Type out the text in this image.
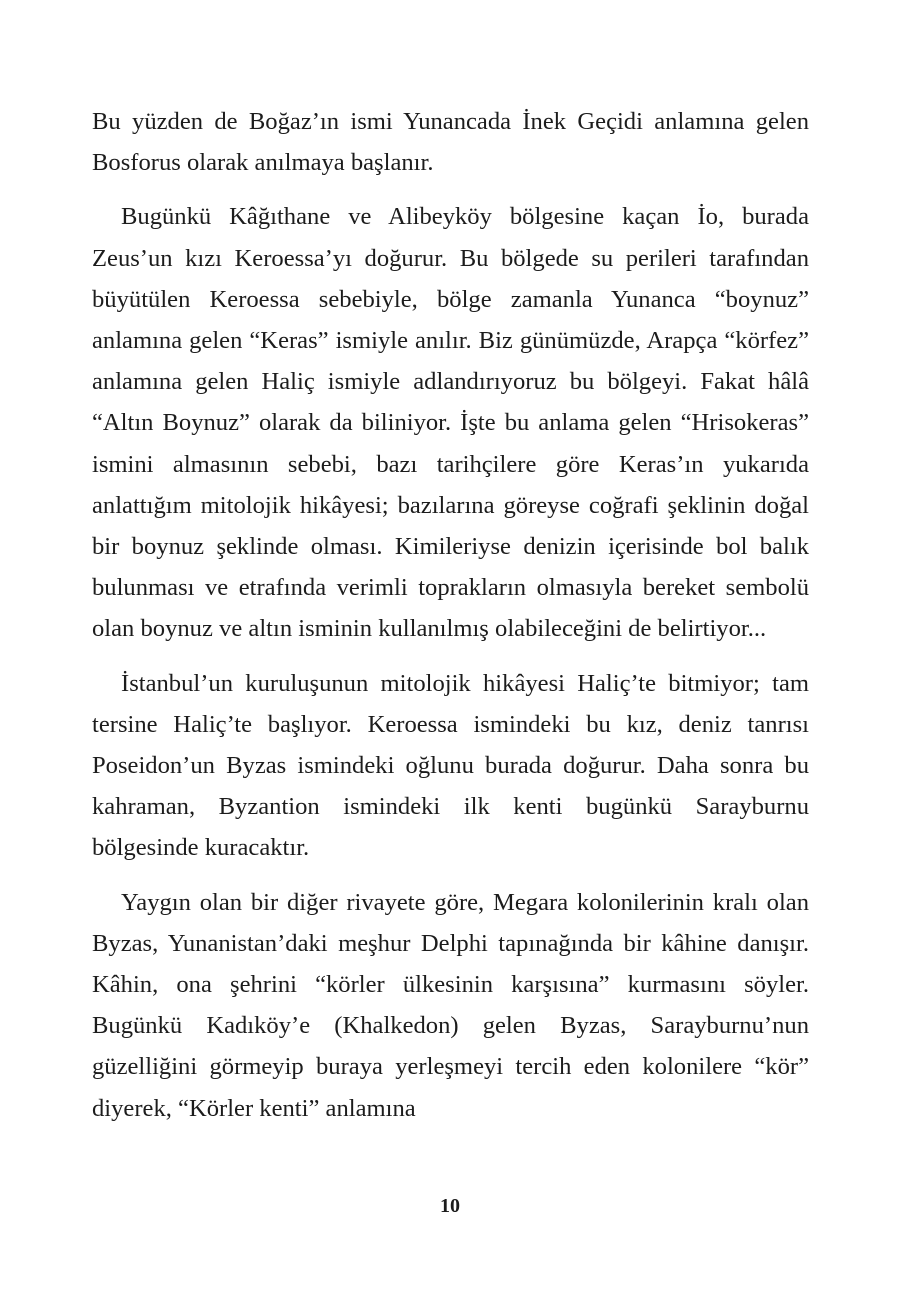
Bu yüzden de Boğaz’ın ismi Yunancada İnek Geçidi anlamına gelen Bosforus olarak anılmaya başlanır.

Bugünkü Kâğıthane ve Alibeyköy bölgesine kaçan İo, burada Zeus’un kızı Keroessa’yı doğurur. Bu bölgede su perileri tarafından büyütülen Keroessa sebebiyle, bölge zamanla Yunanca “boynuz” anlamına gelen “Keras” ismiyle anılır. Biz günümüzde, Arapça “körfez” anlamına gelen Haliç ismiyle adlandırıyoruz bu bölgeyi. Fakat hâlâ “Altın Boynuz” olarak da biliniyor. İşte bu anlama gelen “Hrisokeras” ismini almasının sebebi, bazı tarihçilere göre Keras’ın yukarıda anlattığım mitolojik hikâyesi; bazılarına göreyse coğrafi şeklinin doğal bir boynuz şeklinde olması. Kimileriyse denizin içerisinde bol balık bulunması ve etrafında verimli toprakların olmasıyla bereket sembolü olan boynuz ve altın isminin kullanılmış olabileceğini de belirtiyor...

İstanbul’un kuruluşunun mitolojik hikâyesi Haliç’te bitmiyor; tam tersine Haliç’te başlıyor. Keroessa ismindeki bu kız, deniz tanrısı Poseidon’un Byzas ismindeki oğlunu burada doğurur. Daha sonra bu kahraman, Byzantion ismindeki ilk kenti bugünkü Sarayburnu bölgesinde kuracaktır.

Yaygın olan bir diğer rivayete göre, Megara kolonilerinin kralı olan Byzas, Yunanistan’daki meşhur Delphi tapınağında bir kâhine danışır. Kâhin, ona şehrini “körler ülkesinin karşısına” kurmasını söyler. Bugünkü Kadıköy’e (Khalkedon) gelen Byzas, Sarayburnu’nun güzelliğini görmeyip buraya yerleşmeyi tercih eden kolonilere “kör” diyerek, “Körler kenti” anlamına

10
